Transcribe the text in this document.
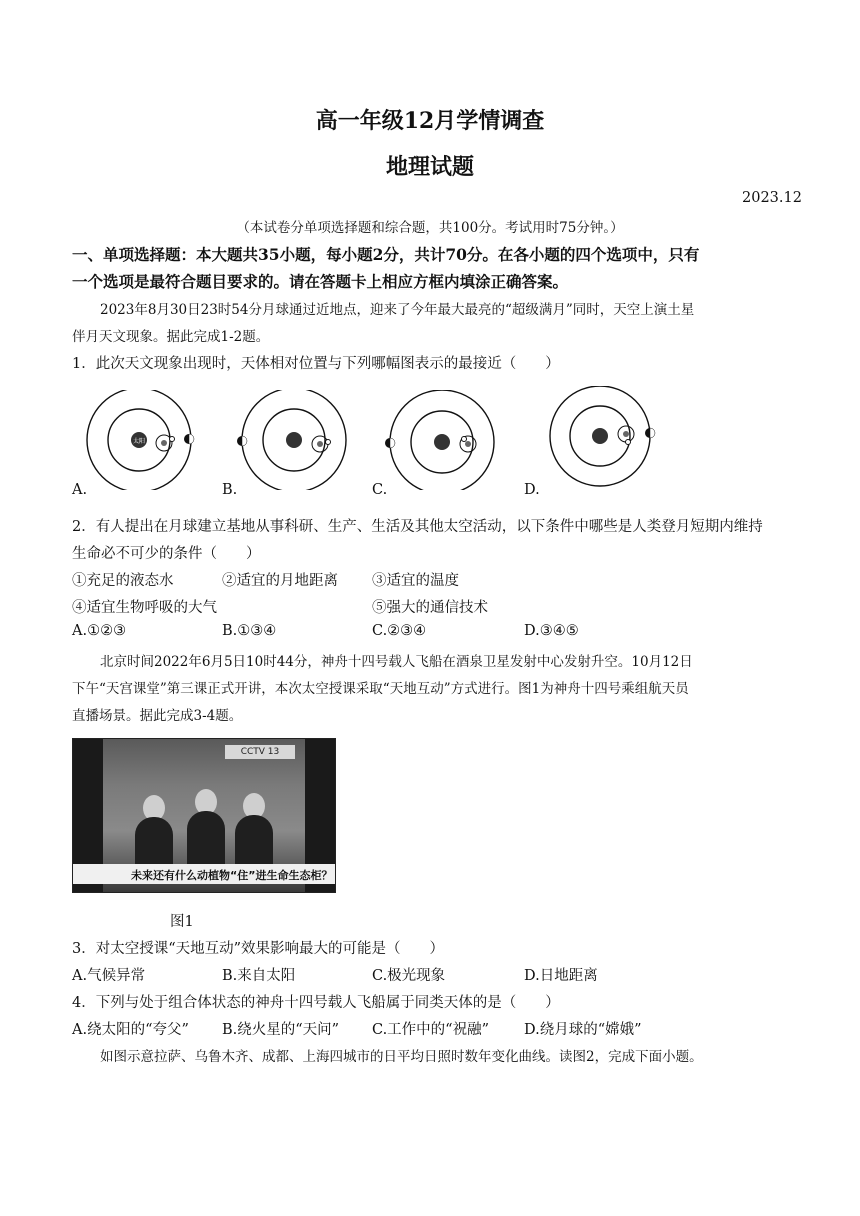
高一年级12月学情调查
地理试题
2023.12
（本试卷分单项选择题和综合题，共100分。考试用时75分钟。）
一、单项选择题：本大题共35小题，每小题2分，共计70分。在各小题的四个选项中，只有
一个选项是最符合题目要求的。请在答题卡上相应方框内填涂正确答案。
2023年8月30日23时54分月球通过近地点，迎来了今年最大最亮的“超级满月”同时，天空上演土星
伴月天文现象。据此完成1-2题。
1．此次天文现象出现时，天体相对位置与下列哪幅图表示的最接近（　　）
太阳
A.	B.	C.	D.
2．有人提出在月球建立基地从事科研、生产、生活及其他太空活动，以下条件中哪些是人类登月短期内维持
生命必不可少的条件（　　）
①充足的液态水	②适宜的月地距离 ③适宜的温度
④适宜生物呼吸的大气	⑤强大的通信技术
A.①②③	B.①③④	C.②③④	D.③④⑤
北京时间2022年6月5日10时44分，神舟十四号载人飞船在酒泉卫星发射中心发射升空。10月12日
下午“天宫课堂”第三课正式开讲，本次太空授课采取“天地互动”方式进行。图1为神舟十四号乘组航天员
直播场景。据此完成3-4题。
CCTV 13
未来还有什么动植物“住”进生命生态柜？
图1
3．对太空授课“天地互动”效果影响最大的可能是（　　）
A.气候异常	B.来自太阳	C.极光现象	D.日地距离
4．下列与处于组合体状态的神舟十四号载人飞船属于同类天体的是（　　）
A.绕太阳的“夸父” B.绕火星的“天问” C.工作中的“祝融” D.绕月球的“嫦娥”
如图示意拉萨、乌鲁木齐、成都、上海四城市的日平均日照时数年变化曲线。读图2，完成下面小题。
